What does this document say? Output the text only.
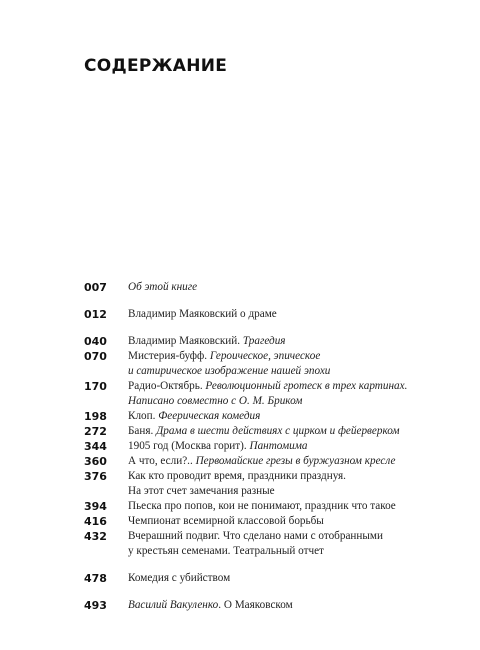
СОДЕРЖАНИЕ
007	Об этой книге
012	Владимир Маяковский о драме
040	Владимир Маяковский. Трагедия
070	Мистерия-буфф. Героическое, эпическое
и сатирическое изображение нашей эпохи
170	Радио-Октябрь. Революционный гротеск в трех картинах.
Написано совместно с О. М. Бриком
198	Клоп. Феерическая комедия
272	Баня. Драма в шести действиях с цирком и фейерверком
344	1905 год (Москва горит). Пантомима
360	А что, если?.. Первомайские грезы в буржуазном кресле
376	Как кто проводит время, праздники празднуя.
На этот счет замечания разные
394	Пьеска про попов, кои не понимают, праздник что такое
416	Чемпионат всемирной классовой борьбы
432	Вчерашний подвиг. Что сделано нами с отобранными
у крестьян семенами. Театральный отчет
478	Комедия с убийством
493	Василий Вакуленко. О Маяковском
